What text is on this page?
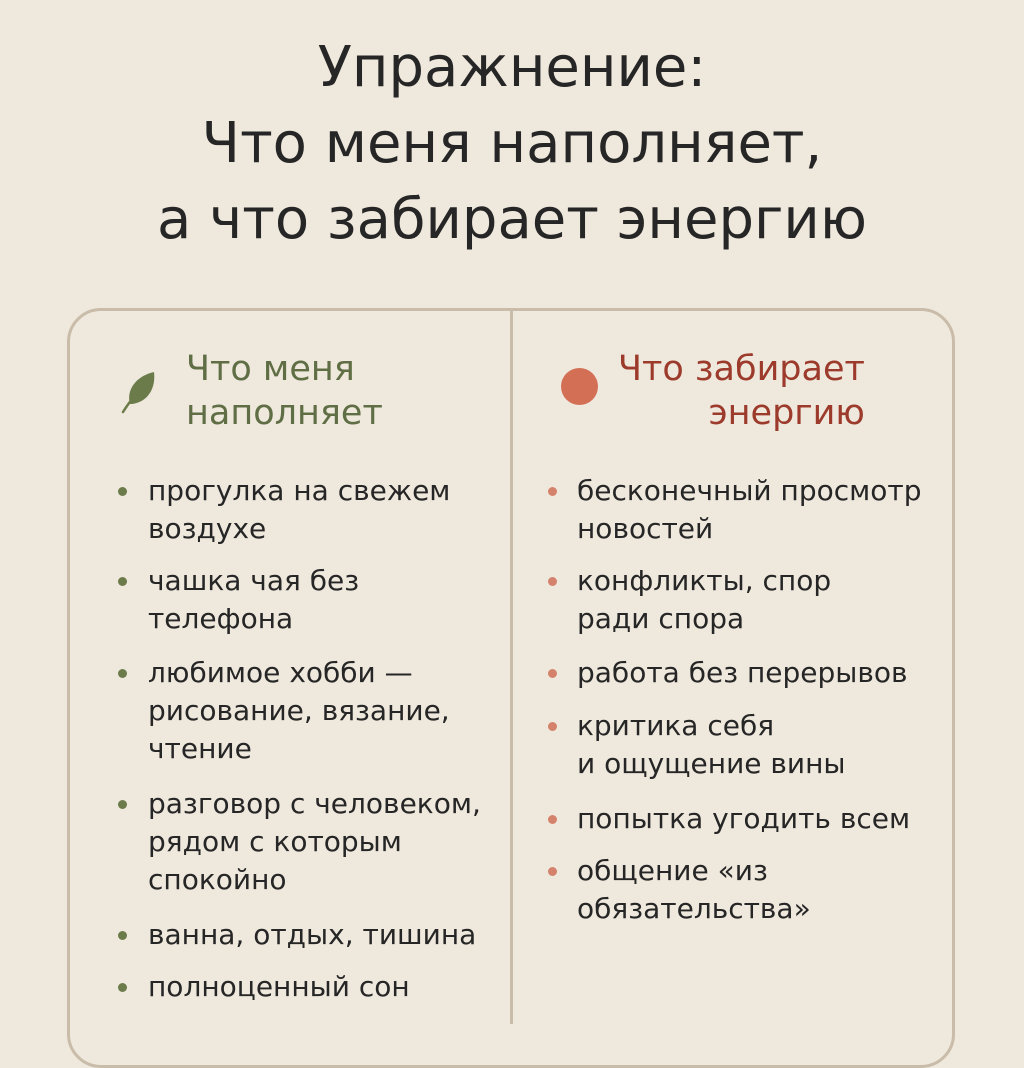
Упражнение:
Что меня наполняет,
а что забирает энергию
Что меня
наполняет
Что забирает
энергию
прогулка на свежем
воздухе
чашка чая без
телефона
любимое хобби —
рисование, вязание,
чтение
разговор с человеком,
рядом с которым
спокойно
ванна, отдых, тишина
полноценный сон
бесконечный просмотр
новостей
конфликты, спор
ради спора
работа без перерывов
критика себя
и ощущение вины
попытка угодить всем
общение «из
обязательства»
